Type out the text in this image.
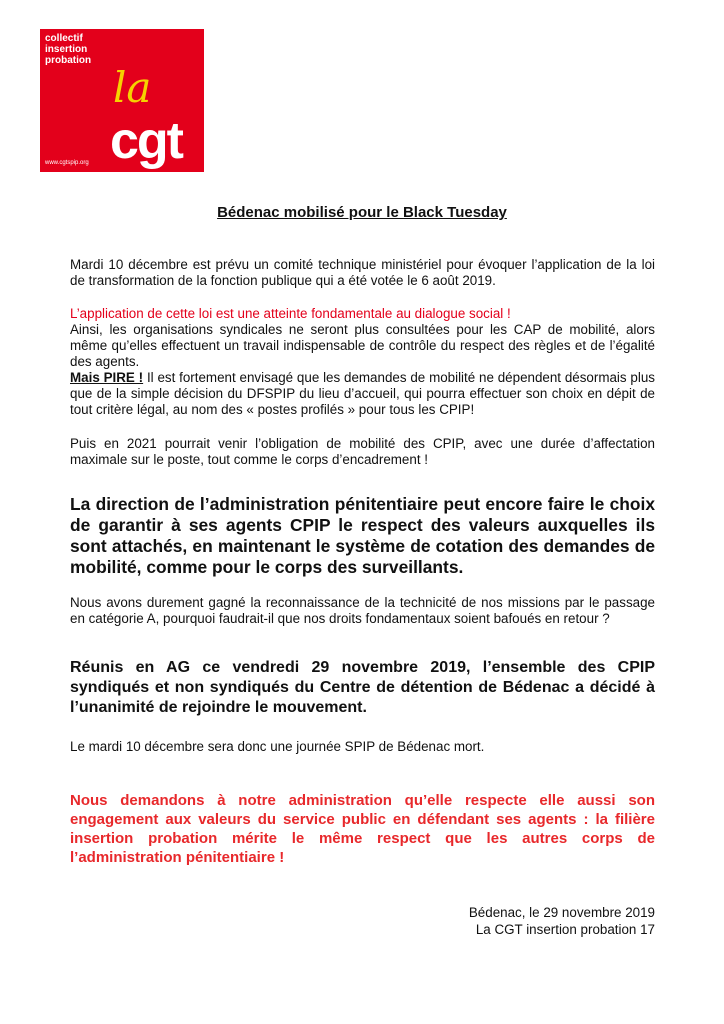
collectif
insertion
probation
la
cgt
www.cgtspip.org
Bédenac mobilisé pour le Black Tuesday
Mardi 10 décembre est prévu un comité technique ministériel pour évoquer l’application de la loi de transformation de la fonction publique qui a été votée le 6 août 2019.
L’application de cette loi est une atteinte fondamentale au dialogue social !
Ainsi, les organisations syndicales ne seront plus consultées pour les CAP de mobilité, alors même qu’elles effectuent un travail indispensable de contrôle du respect des règles et de l’égalité des agents.
Mais PIRE ! Il est fortement envisagé que les demandes de mobilité ne dépendent désormais plus que de la simple décision du DFSPIP du lieu d’accueil, qui pourra effectuer son choix en dépit de tout critère légal, au nom des « postes profilés » pour tous les CPIP!
Puis en 2021 pourrait venir l’obligation de mobilité des CPIP, avec une durée d’affectation maximale sur le poste, tout comme le corps d’encadrement !
La direction de l’administration pénitentiaire peut encore faire le choix de garantir à ses agents CPIP le respect des valeurs auxquelles ils sont attachés, en maintenant le système de cotation des demandes de mobilité, comme pour le corps des surveillants.
Nous avons durement gagné la reconnaissance de la technicité de nos missions par le passage en catégorie A, pourquoi faudrait-il que nos droits fondamentaux soient bafoués en retour ?
Réunis en AG ce vendredi 29 novembre 2019, l’ensemble des CPIP syndiqués et non syndiqués du Centre de détention de Bédenac a décidé à l’unanimité de rejoindre le mouvement.
Le mardi 10 décembre sera donc une journée SPIP de Bédenac mort.
Nous demandons à notre administration qu’elle respecte elle aussi son engagement aux valeurs du service public en défendant ses agents : la filière insertion probation mérite le même respect que les autres corps de l’administration pénitentiaire !
Bédenac, le 29 novembre 2019
La CGT insertion probation 17
